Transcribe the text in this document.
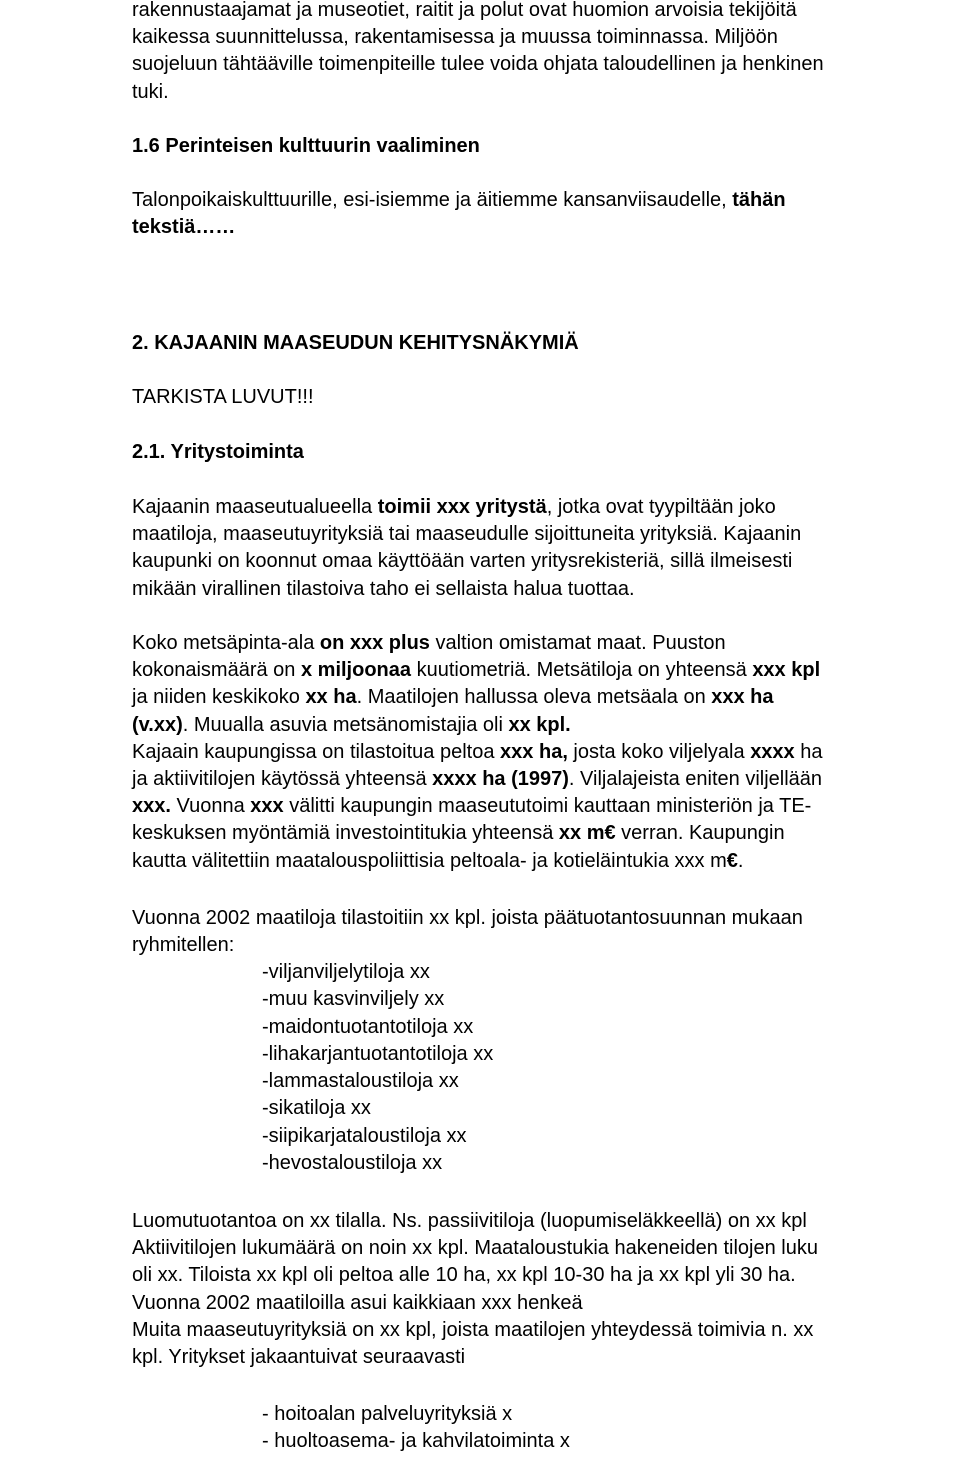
rakennustaajamat ja museotiet, raitit ja polut ovat huomion arvoisia tekijöitä
kaikessa suunnittelussa, rakentamisessa ja muussa toiminnassa. Miljöön
suojeluun tähtääville toimenpiteille tulee voida ohjata taloudellinen ja henkinen
tuki.
1.6 Perinteisen kulttuurin vaaliminen
Talonpoikaiskulttuurille, esi-isiemme ja äitiemme kansanviisaudelle, tähän
tekstiä……
2. KAJAANIN MAASEUDUN KEHITYSNÄKYMIÄ
TARKISTA LUVUT!!!
2.1. Yritystoiminta
Kajaanin maaseutualueella toimii xxx yritystä, jotka ovat tyypiltään joko
maatiloja, maaseutuyrityksiä tai maaseudulle sijoittuneita yrityksiä. Kajaanin
kaupunki on koonnut omaa käyttöään varten yritysrekisteriä, sillä ilmeisesti
mikään virallinen tilastoiva taho ei sellaista halua tuottaa.
Koko metsäpinta-ala on xxx plus valtion omistamat maat. Puuston
kokonaismäärä on x miljoonaa kuutiometriä. Metsätiloja on yhteensä xxx kpl
ja niiden keskikoko xx ha. Maatilojen hallussa oleva metsäala on xxx ha
(v.xx). Muualla asuvia metsänomistajia oli xx kpl.
Kajaain kaupungissa on tilastoitua peltoa xxx ha, josta koko viljelyala xxxx ha
ja aktiivitilojen käytössä yhteensä xxxx ha (1997). Viljalajeista eniten viljellään
xxx. Vuonna xxx välitti kaupungin maaseututoimi kauttaan ministeriön ja TE-
keskuksen myöntämiä investointitukia yhteensä xx m€ verran. Kaupungin
kautta välitettiin maatalouspoliittisia peltoala- ja kotieläintukia xxx m€.
Vuonna 2002 maatiloja tilastoitiin xx kpl. joista päätuotantosuunnan mukaan
ryhmitellen:
-viljanviljelytiloja xx
-muu kasvinviljely xx
-maidontuotantotiloja xx
-lihakarjantuotantotiloja xx
-lammastaloustiloja xx
-sikatiloja xx
-siipikarjataloustiloja xx
-hevostaloustiloja xx
Luomutuotantoa on xx tilalla. Ns. passiivitiloja (luopumiseläkkeellä) on xx kpl
Aktiivitilojen lukumäärä on noin xx kpl. Maataloustukia hakeneiden tilojen luku
oli xx. Tiloista xx kpl oli peltoa alle 10 ha, xx kpl 10-30 ha ja xx kpl yli 30 ha.
Vuonna 2002 maatiloilla asui kaikkiaan xxx henkeä
Muita maaseutuyrityksiä on xx kpl, joista maatilojen yhteydessä toimivia n. xx
kpl. Yritykset jakaantuivat seuraavasti
- hoitoalan palveluyrityksiä x
- huoltoasema- ja kahvilatoiminta x
